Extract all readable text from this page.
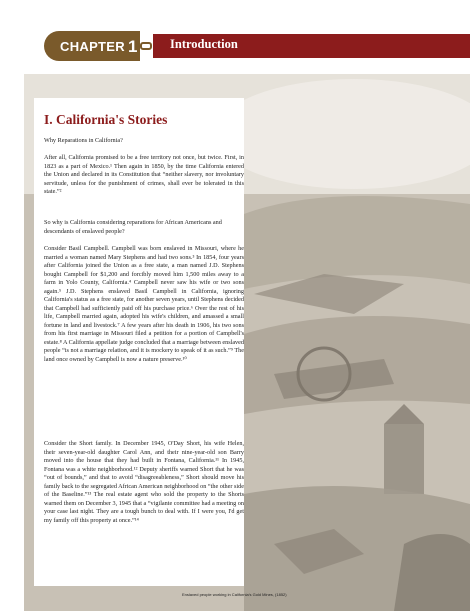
CHAPTER 1	Introduction
I. California's Stories

Why Reparations in California?

After all, California promised to be a free territory not once, but twice. First, in 1823 as a part of Mexico.¹ Then again in 1850, by the time California entered the Union and declared in its Constitution that “neither slavery, nor involuntary servitude, unless for the punishment of crimes, shall ever be tolerated in this state.”²

So why is California considering reparations for African Americans and descendants of enslaved people?

Consider Basil Campbell. Campbell was born enslaved in Missouri, where he married a woman named Mary Stephens and had two sons.³ In 1854, four years after California joined the Union as a free state, a man named J.D. Stephens bought Campbell for $1,200 and forcibly moved him 1,500 miles away to a farm in Yolo County, California.⁴ Campbell never saw his wife or two sons again.⁵ J.D. Stephens enslaved Basil Campbell in California, ignoring California's status as a free state, for another seven years, until Stephens decided that Campbell had sufficiently paid off his purchase price.⁶ Over the rest of his life, Campbell married again, adopted his wife's children, and amassed a small fortune in land and livestock.⁷ A few years after his death in 1906, his two sons from his first marriage in Missouri filed a petition for a portion of Campbell's estate.⁸ A California appellate judge concluded that a marriage between enslaved people “is not a marriage relation, and it is mockery to speak of it as such.”⁹ The land once owned by Campbell is now a nature preserve.¹⁰

Consider the Short family. In December 1945, O'Day Short, his wife Helen, their seven-year-old daughter Carol Ann, and their nine-year-old son Barry moved into the house that they had built in Fontana, California.¹¹ In 1945, Fontana was a white neighborhood.¹² Deputy sheriffs warned Short that he was “out of bounds,” and that to avoid “disagreeableness,” Short should move his family back to the segregated African American neighborhood on “the other side of the Baseline.”¹³ The real estate agent who sold the property to the Shorts warned them on December 3, 1945 that a “vigilante committee had a meeting on your case last night. They are a tough bunch to deal with. If I were you, I'd get my family off this property at once.”¹⁴

Enslaved people working in California's Gold Mines, (1852)
